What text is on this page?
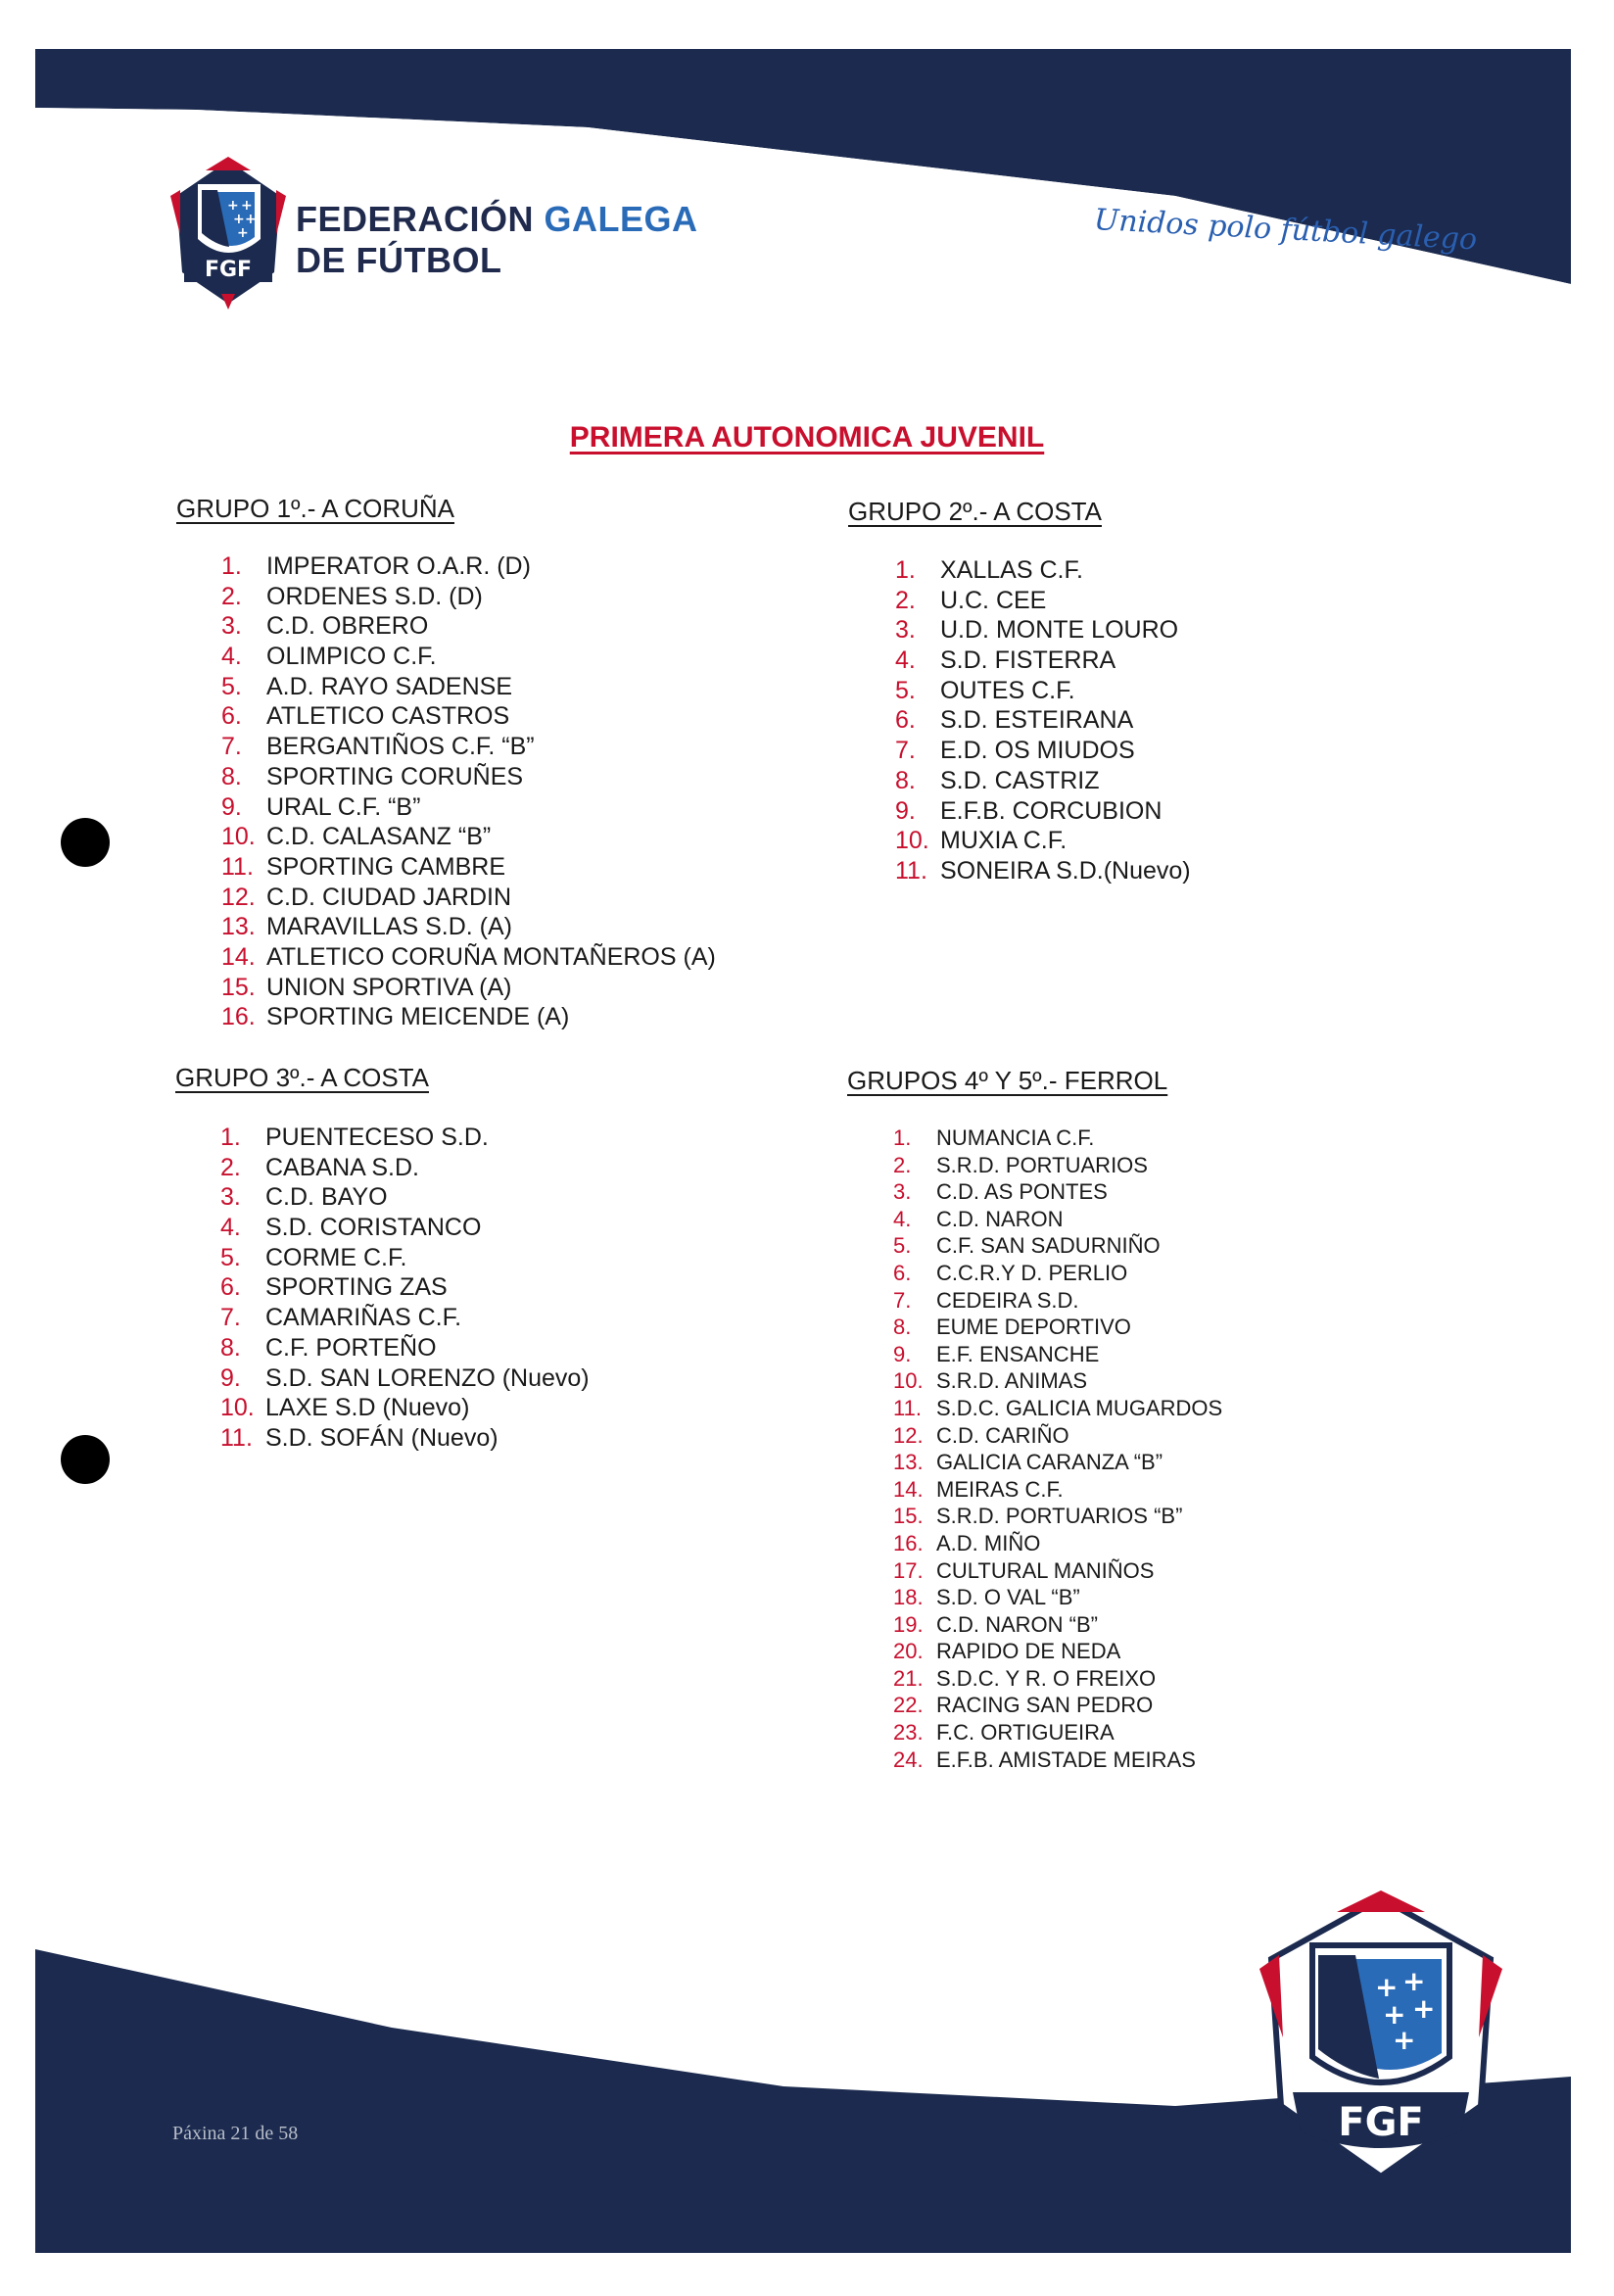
+ +
+ +
+
FGF
FEDERACIÓN GALEGA
DE FÚTBOL
Unidos polo fútbol galego
PRIMERA AUTONOMICA JUVENIL
GRUPO 1º.- A CORUÑA
1.	IMPERATOR O.A.R. (D)
2.	ORDENES S.D. (D)
3.	C.D. OBRERO
4.	OLIMPICO C.F.
5.	A.D. RAYO SADENSE
6.	ATLETICO CASTROS
7.	BERGANTIÑOS C.F. “B”
8.	SPORTING CORUÑES
9.	URAL C.F. “B”
10. C.D. CALASANZ “B”
11. SPORTING CAMBRE
12. C.D. CIUDAD JARDIN
13. MARAVILLAS S.D. (A)
14. ATLETICO CORUÑA MONTAÑEROS (A)
15. UNION SPORTIVA (A)
16. SPORTING MEICENDE (A)
GRUPO 2º.- A COSTA
1.	XALLAS C.F.
2.	U.C. CEE
3.	U.D. MONTE LOURO
4.	S.D. FISTERRA
5.	OUTES C.F.
6.	S.D. ESTEIRANA
7.	E.D. OS MIUDOS
8.	S.D. CASTRIZ
9.	E.F.B. CORCUBION
10. MUXIA C.F.
11. SONEIRA S.D.(Nuevo)
GRUPO 3º.- A COSTA
1.	PUENTECESO S.D.
2.	CABANA S.D.
3.	C.D. BAYO
4.	S.D. CORISTANCO
5.	CORME C.F.
6.	SPORTING ZAS
7.	CAMARIÑAS C.F.
8.	C.F. PORTEÑO
9.	S.D. SAN LORENZO (Nuevo)
10. LAXE S.D (Nuevo)
11. S.D. SOFÁN (Nuevo)
GRUPOS 4º Y 5º.- FERROL
1.	NUMANCIA C.F.
2.	S.R.D. PORTUARIOS
3.	C.D. AS PONTES
4.	C.D. NARON
5.	C.F. SAN SADURNIÑO
6.	C.C.R.Y D. PERLIO
7.	CEDEIRA S.D.
8.	EUME DEPORTIVO
9.	E.F. ENSANCHE
10. S.R.D. ANIMAS
11. S.D.C. GALICIA MUGARDOS
12. C.D. CARIÑO
13. GALICIA CARANZA “B”
14. MEIRAS C.F.
15. S.R.D. PORTUARIOS “B”
16. A.D. MIÑO
17. CULTURAL MANIÑOS
18. S.D. O VAL “B”
19. C.D. NARON “B”
20. RAPIDO DE NEDA
21. S.D.C. Y R. O FREIXO
22. RACING SAN PEDRO
23. F.C. ORTIGUEIRA
24. E.F.B. AMISTADE MEIRAS
Páxina 21 de 58
+ +
+ +
+
FGF
